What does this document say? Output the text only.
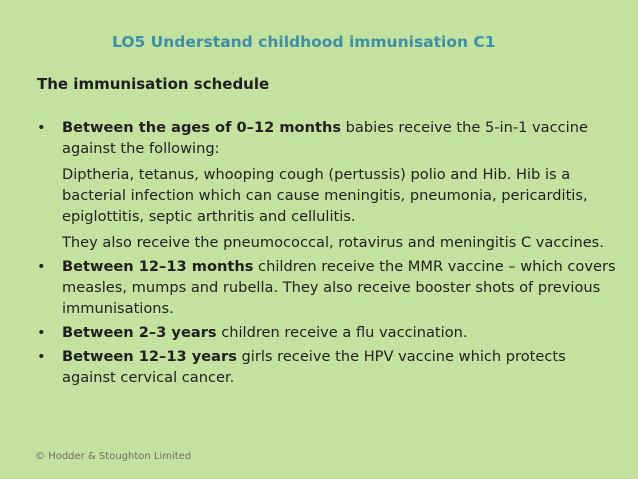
LO5 Understand childhood immunisation C1
The immunisation schedule
• Between the ages of 0–12 months babies receive the 5-in-1 vaccine against the following:
Diptheria, tetanus, whooping cough (pertussis) polio and Hib. Hib is a bacterial infection which can cause meningitis, pneumonia, pericarditis, epiglottitis, septic arthritis and cellulitis.
They also receive the pneumococcal, rotavirus and meningitis C vaccines.
• Between 12–13 months children receive the MMR vaccine – which covers measles, mumps and rubella. They also receive booster shots of previous immunisations.
• Between 2–3 years children receive a flu vaccination.
• Between 12–13 years girls receive the HPV vaccine which protects against cervical cancer.
© Hodder & Stoughton Limited
